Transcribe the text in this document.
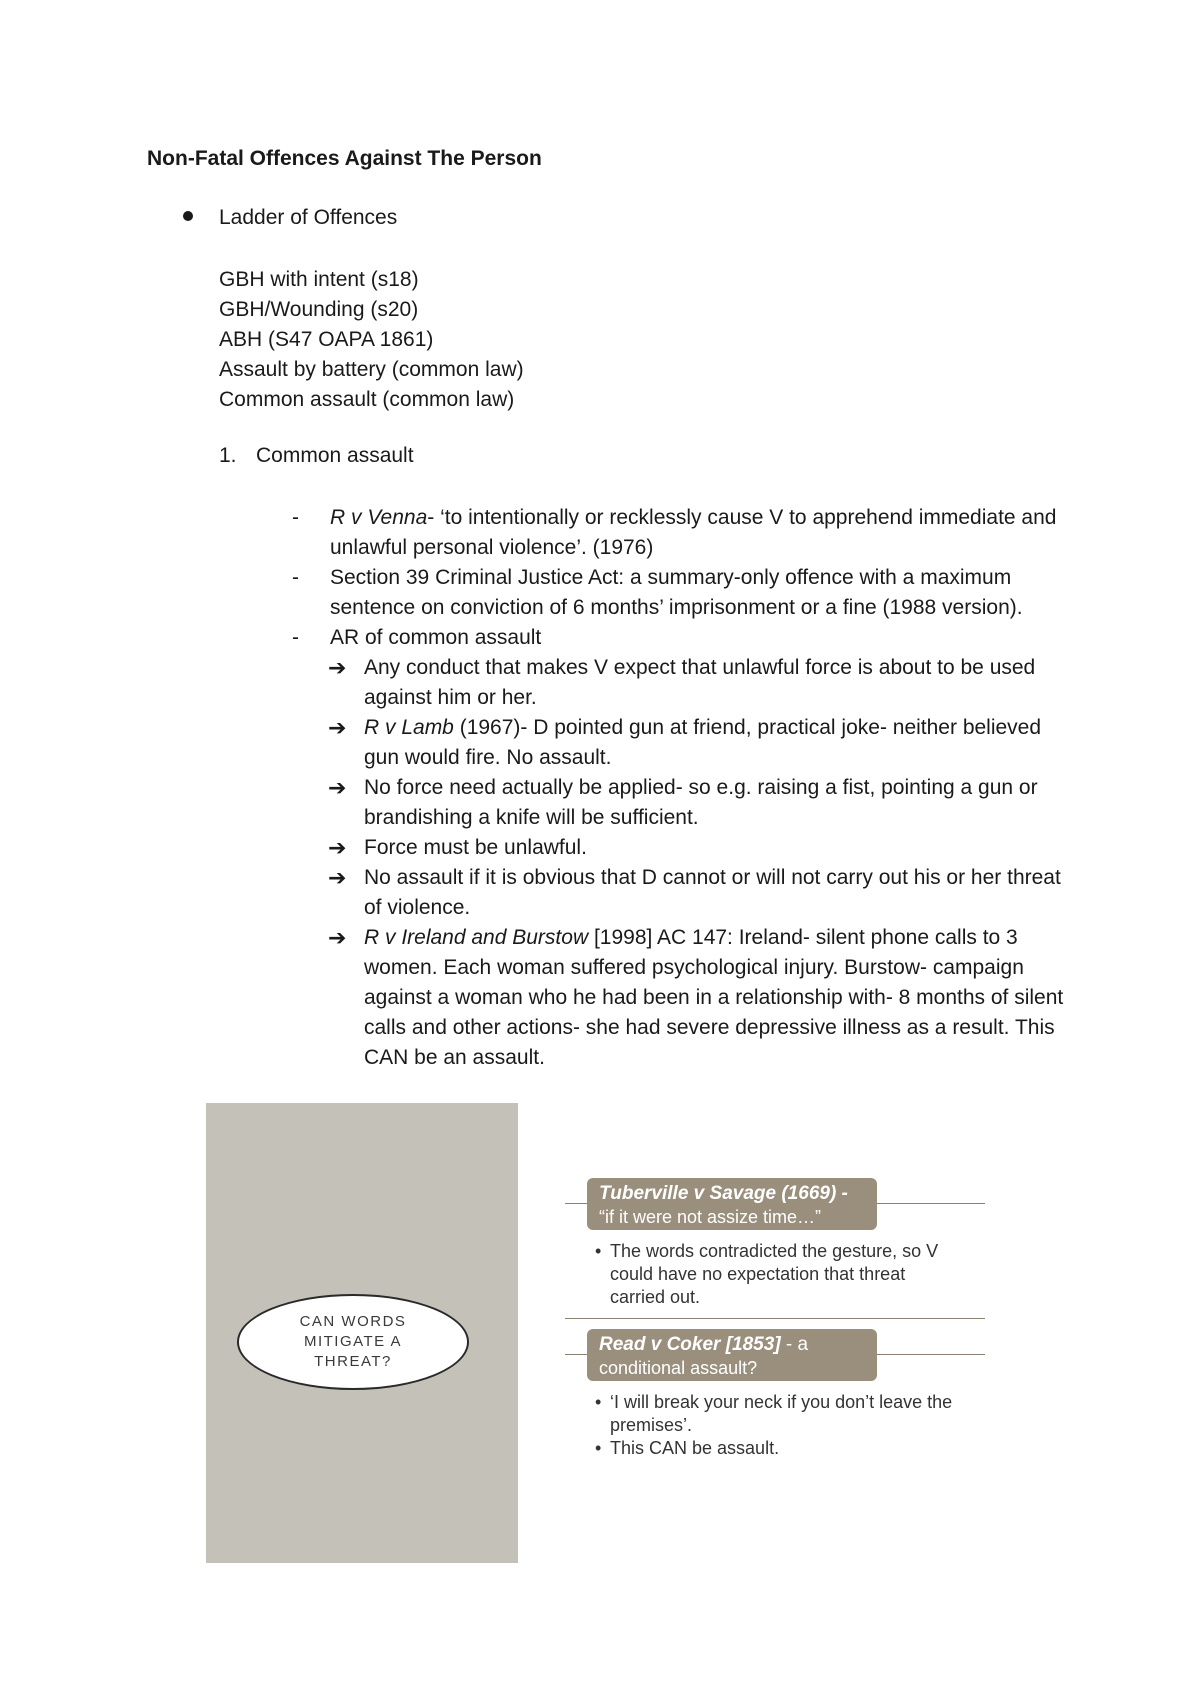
Non-Fatal Offences Against The Person
Ladder of Offences
GBH with intent (s18)
GBH/Wounding (s20)
ABH (S47 OAPA 1861)
Assault by battery (common law)
Common assault (common law)
1. Common assault
- R v Venna- ‘to intentionally or recklessly cause V to apprehend immediate and unlawful personal violence’. (1976)
- Section 39 Criminal Justice Act: a summary-only offence with a maximum sentence on conviction of 6 months’ imprisonment or a fine (1988 version).
- AR of common assault
➔ Any conduct that makes V expect that unlawful force is about to be used against him or her.
➔ R v Lamb (1967)- D pointed gun at friend, practical joke- neither believed gun would fire. No assault.
➔ No force need actually be applied- so e.g. raising a fist, pointing a gun or brandishing a knife will be sufficient.
➔ Force must be unlawful.
➔ No assault if it is obvious that D cannot or will not carry out his or her threat of violence.
➔ R v Ireland and Burstow [1998] AC 147: Ireland- silent phone calls to 3 women. Each woman suffered psychological injury. Burstow- campaign against a woman who he had been in a relationship with- 8 months of silent calls and other actions- she had severe depressive illness as a result. This CAN be an assault.
CAN WORDS MITIGATE A THREAT?
Tuberville v Savage (1669) -
“if it were not assize time…”
• The words contradicted the gesture, so V could have no expectation that threat carried out.
Read v Coker [1853] - a
conditional assault?
• ‘I will break your neck if you don’t leave the premises’.
• This CAN be assault.
